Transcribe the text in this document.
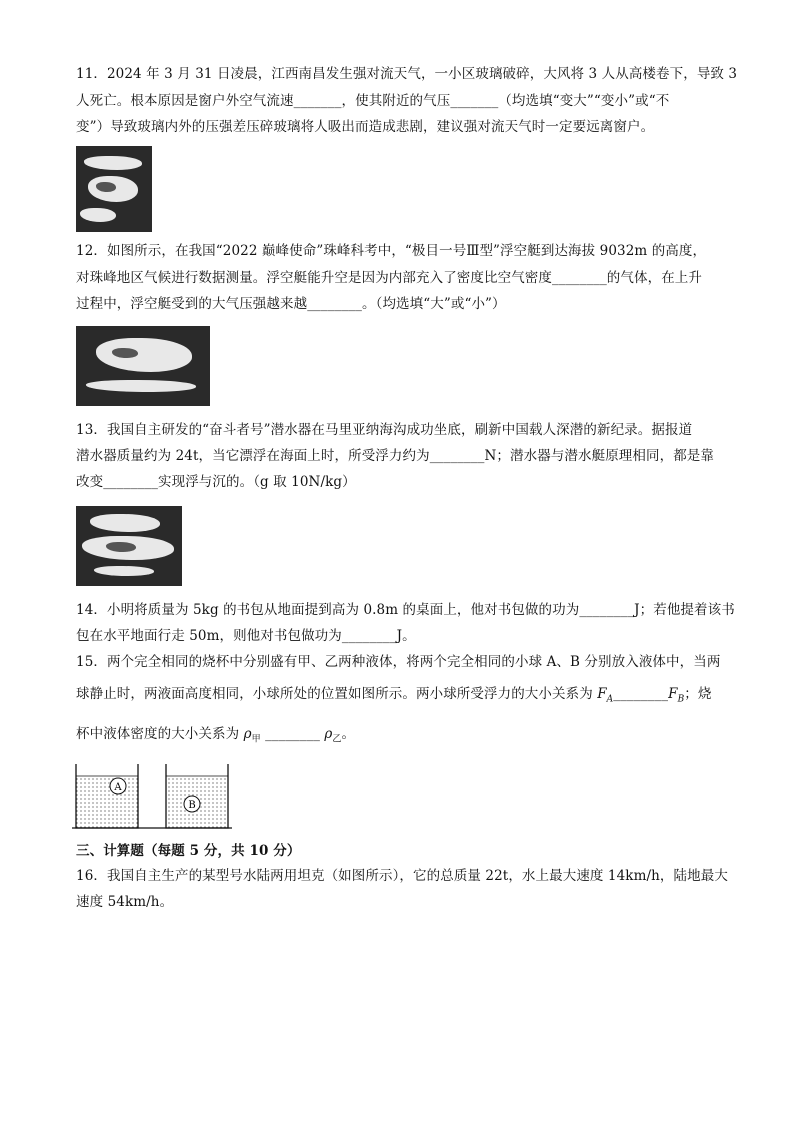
11．2024 年 3 月 31 日凌晨，江西南昌发生强对流天气，一小区玻璃破碎，大风将 3 人从高楼卷下，导致 3
人死亡。根本原因是窗户外空气流速_______，使其附近的气压_______（均选填“变大”“变小”或“不
变”）导致玻璃内外的压强差压碎玻璃将人吸出而造成悲剧，建议强对流天气时一定要远离窗户。
12．如图所示，在我国“2022 巅峰使命”珠峰科考中，“极目一号Ⅲ型”浮空艇到达海拔 9032m 的高度，
对珠峰地区气候进行数据测量。浮空艇能升空是因为内部充入了密度比空气密度________的气体，在上升
过程中，浮空艇受到的大气压强越来越________。（均选填“大”或“小”）
13．我国自主研发的“奋斗者号”潜水器在马里亚纳海沟成功坐底，刷新中国载人深潜的新纪录。据报道
潜水器质量约为 24t，当它漂浮在海面上时，所受浮力约为________N；潜水器与潜水艇原理相同，都是靠
改变________实现浮与沉的。（g 取 10N/kg）
14．小明将质量为 5kg 的书包从地面提到高为 0.8m 的桌面上，他对书包做的功为________J；若他提着该书
包在水平地面行走 50m，则他对书包做功为________J。
15．两个完全相同的烧杯中分别盛有甲、乙两种液体，将两个完全相同的小球 A、B 分别放入液体中，当两
球静止时，两液面高度相同，小球所处的位置如图所示。两小球所受浮力的大小关系为 $F_A\_\_\_\_\_\_\_\_F_B$；烧
杯中液体密度的大小关系为 $\rho_甲$ ________ $\rho_乙$。
A
B
三、计算题（每题 5 分，共 10 分）
16．我国自主生产的某型号水陆两用坦克（如图所示），它的总质量 22t，水上最大速度 14km/h，陆地最大
速度 54km/h。
